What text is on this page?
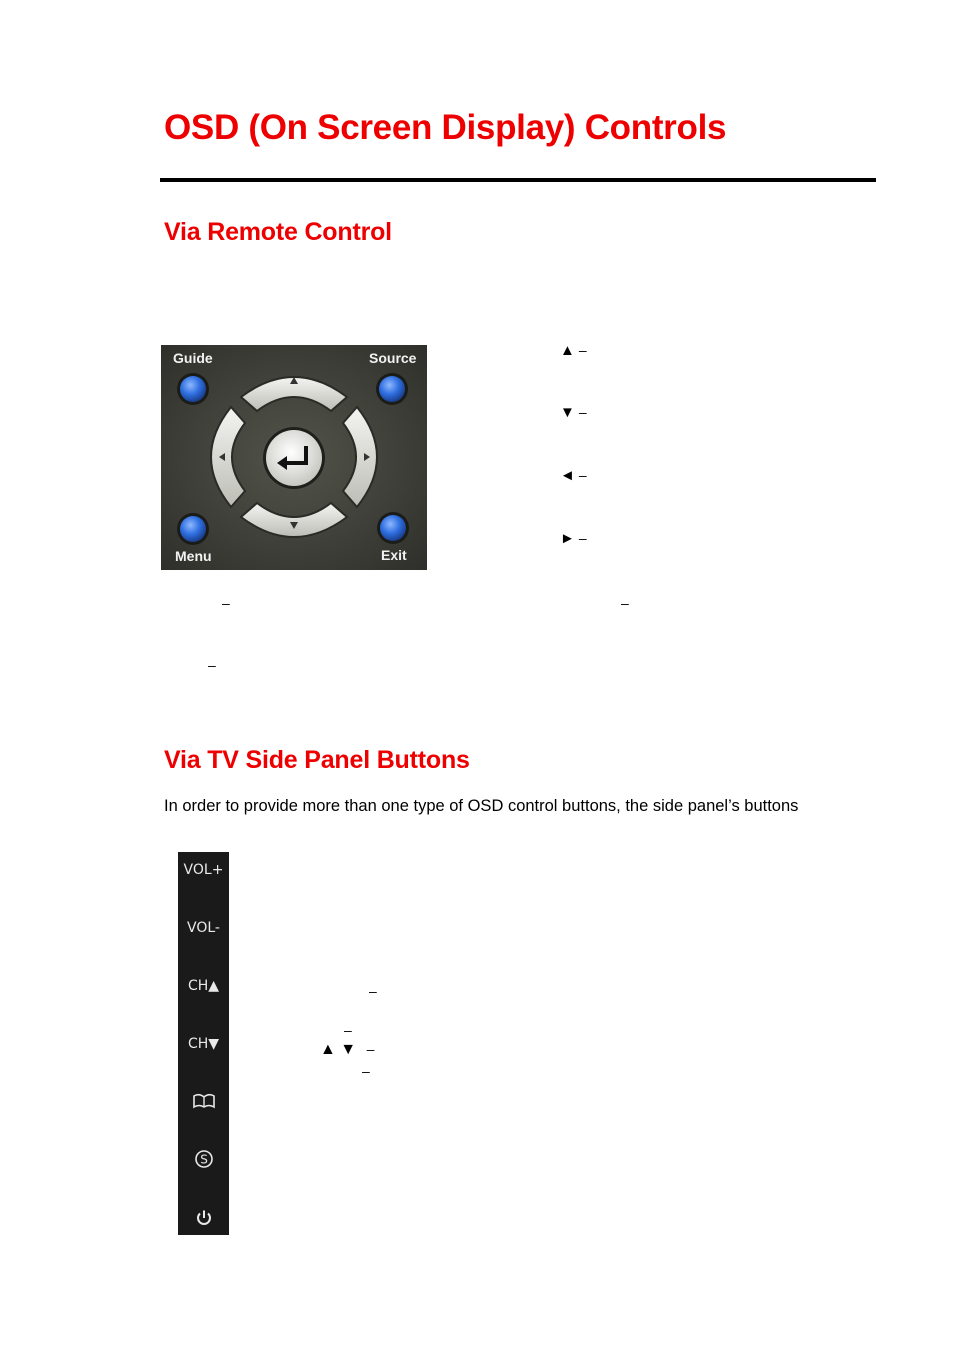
OSD (On Screen Display) Controls
Via Remote Control
Guide	Source
Menu	Exit
▲ –
▼ –
◄ –
► –
–	–
–
Via TV Side Panel Buttons
In order to provide more than one type of OSD control buttons, the side panel’s buttons
VOL+
VOL-
CH▲
CH▼
S
–
–
▲ ▼ –
–
